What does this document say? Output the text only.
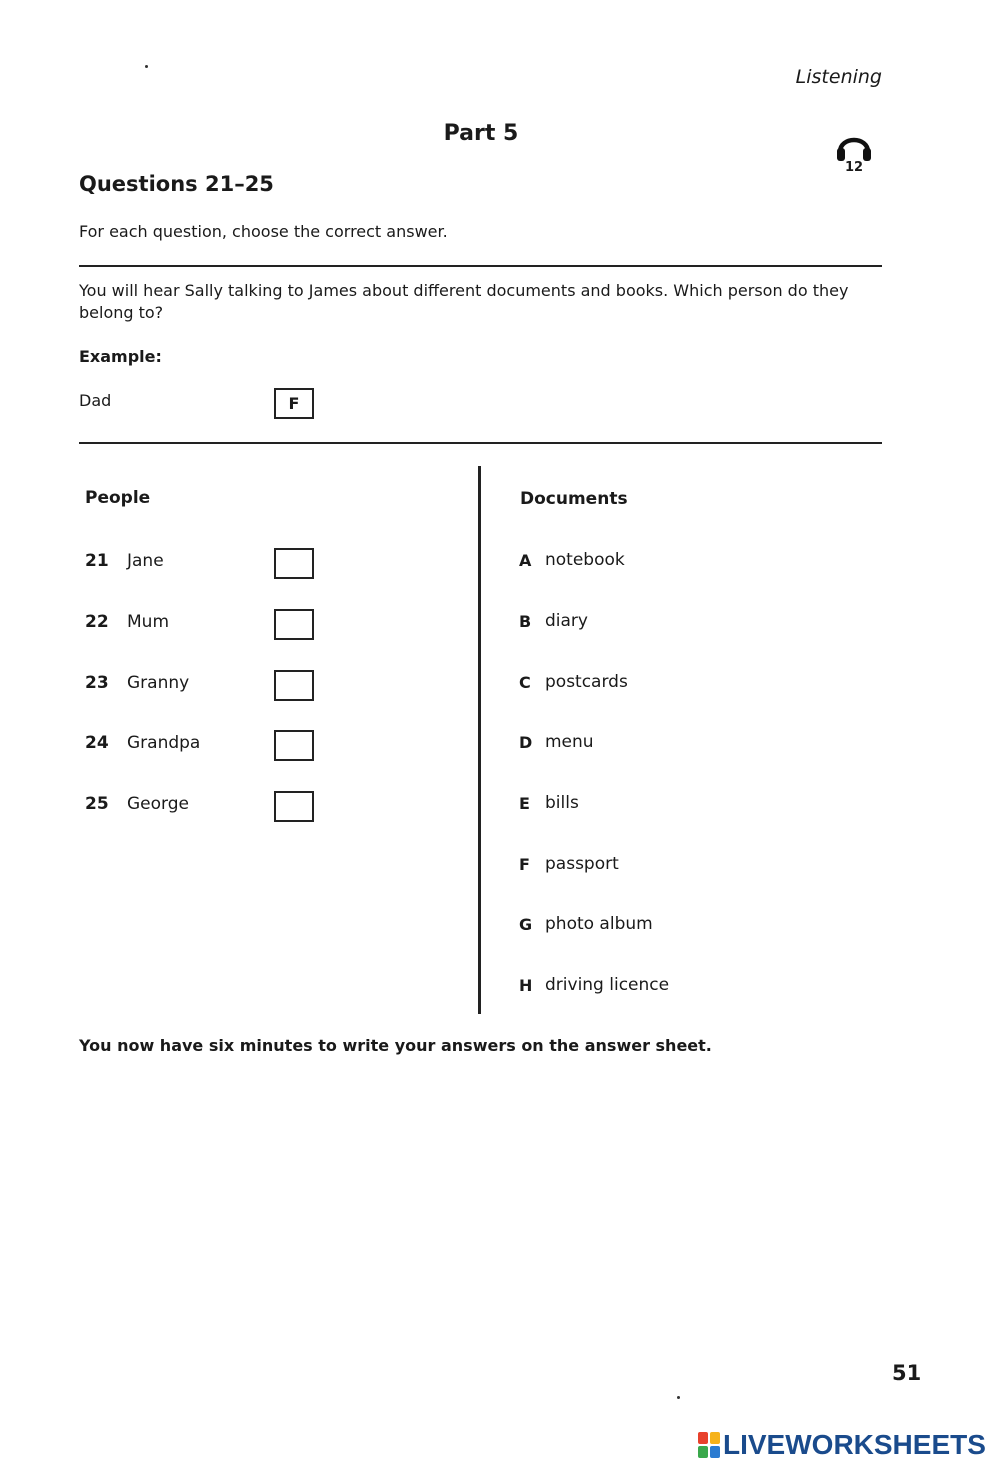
Listening
Part 5
12
Questions 21–25
For each question, choose the correct answer.
You will hear Sally talking to James about different documents and books. Which person do they belong to?
Example:
Dad	F
People	Documents
21 Jane
22 Mum
23 Granny
24 Grandpa
25 George
A notebook
B diary
C postcards
D menu
E bills
F passport
G photo album
H driving licence
You now have six minutes to write your answers on the answer sheet.
51
LIVEWORKSHEETS
